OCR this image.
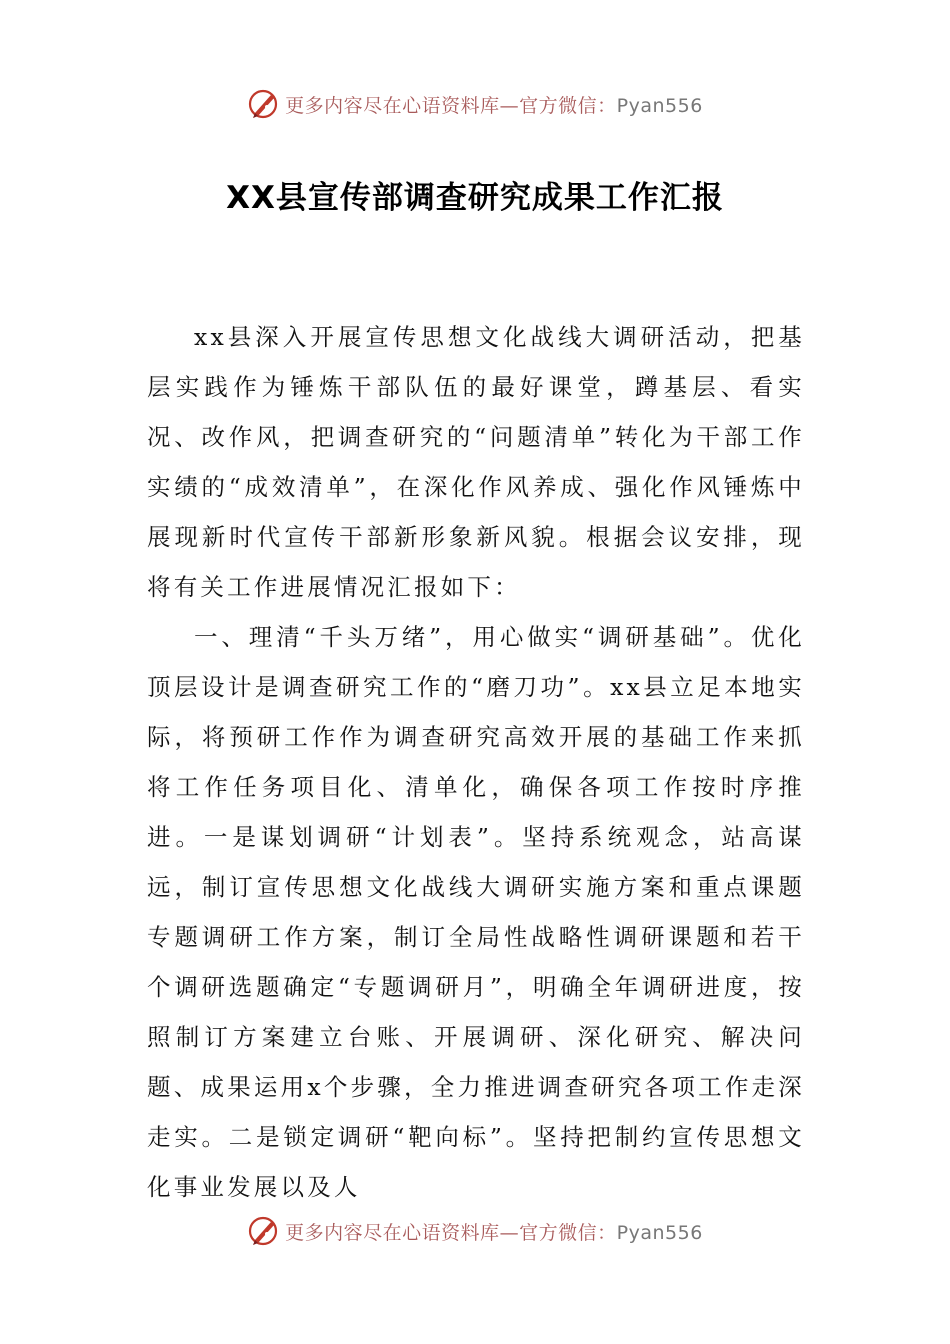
更多内容尽在心语资料库—官方微信：Pyan556
XX县宣传部调查研究成果工作汇报

xx县深入开展宣传思想文化战线大调研活动，把基层实践作为锤炼干部队伍的最好课堂，蹲基层、看实况、改作风，把调查研究的“问题清单”转化为干部工作实绩的“成效清单”，在深化作风养成、强化作风锤炼中展现新时代宣传干部新形象新风貌。根据会议安排，现将有关工作进展情况汇报如下：

一、理清“千头万绪”，用心做实“调研基础”。优化顶层设计是调查研究工作的“磨刀功”。xx县立足本地实际，将预研工作作为调查研究高效开展的基础工作来抓将工作任务项目化、清单化，确保各项工作按时序推进。一是谋划调研“计划表”。坚持系统观念，站高谋远，制订宣传思想文化战线大调研实施方案和重点课题专题调研工作方案，制订全局性战略性调研课题和若干个调研选题确定“专题调研月”，明确全年调研进度，按照制订方案建立台账、开展调研、深化研究、解决问题、成果运用x个步骤，全力推进调查研究各项工作走深走实。二是锁定调研“靶向标”。坚持把制约宣传思想文化事业发展以及人

更多内容尽在心语资料库—官方微信：Pyan556
